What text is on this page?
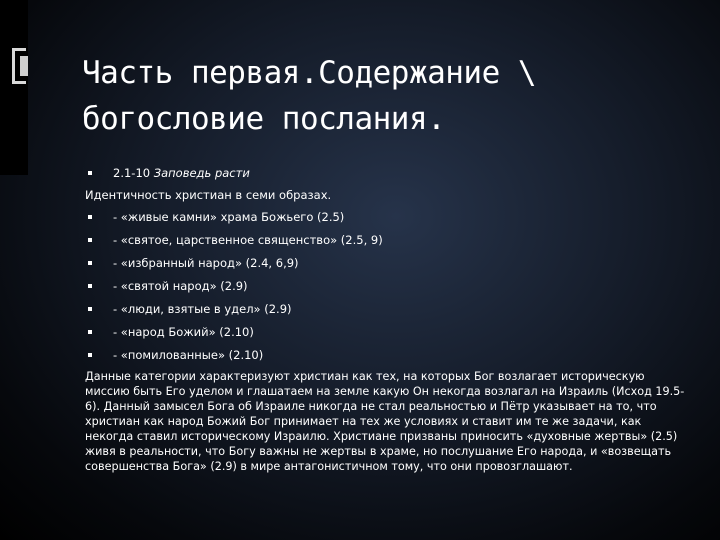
Часть первая.Содержание \ богословие послания.
2.1-10 Заповедь расти
Идентичность христиан в семи образах.
- «живые камни» храма Божьего (2.5)
- «святое, царственное священство» (2.5, 9)
- «избранный народ» (2.4, 6,9)
- «святой народ» (2.9)
- «люди, взятые в удел» (2.9)
- «народ Божий» (2.10)
- «помилованные» (2.10)
Данные категории характеризуют христиан как тех, на которых Бог возлагает историческую миссию быть Его уделом и глашатаем на земле какую Он некогда возлагал на Израиль (Исход 19.5-6). Данный замысел Бога об Израиле никогда не стал реальностью и Пётр указывает на то, что христиан как народ Божий Бог принимает на тех же условиях и ставит им те же задачи, как некогда ставил историческому Израилю. Христиане призваны приносить «духовные жертвы» (2.5) живя в реальности, что Богу важны не жертвы в храме, но послушание Его народа, и «возвещать совершенства Бога» (2.9) в мире антагонистичном тому, что они провозглашают.
